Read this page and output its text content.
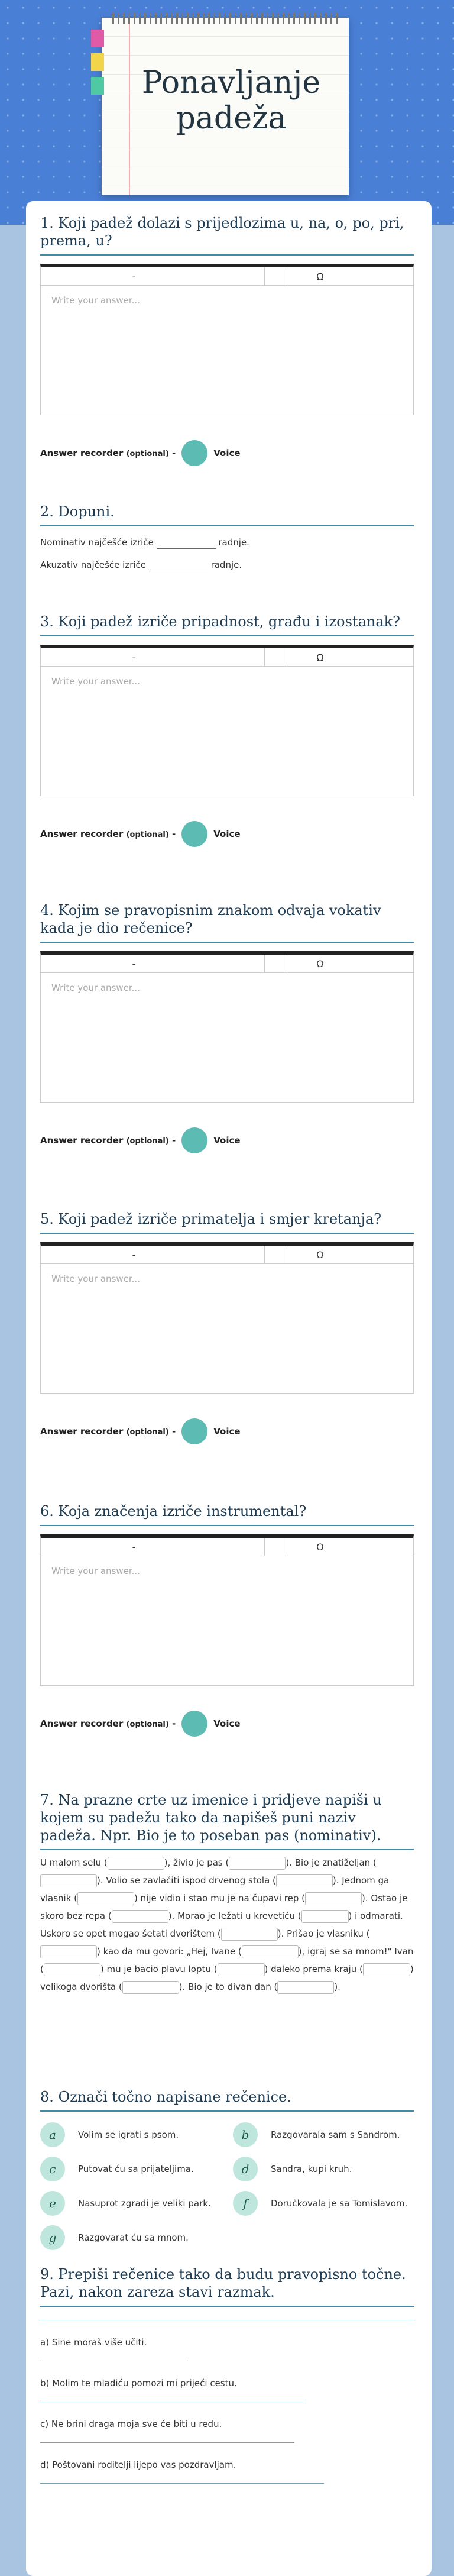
Ponavljanje padeža
1. Koji padež dolazi s prijedlozima u, na, o, po, pri, prema, u?
-	Ω
Write your answer...
Answer recorder (optional) -	Voice
2. Dopuni.
Nominativ najčešće izriče	radnje.
Akuzativ najčešće izriče	radnje.
3. Koji padež izriče pripadnost, građu i izostanak?
-	Ω
Write your answer...
Answer recorder (optional) -	Voice
4. Kojim se pravopisnim znakom odvaja vokativ kada je dio rečenice?
-	Ω
Write your answer...
Answer recorder (optional) -	Voice
5. Koji padež izriče primatelja i smjer kretanja?
-	Ω
Write your answer...
Answer recorder (optional) -	Voice
6. Koja značenja izriče instrumental?
-	Ω
Write your answer...
Answer recorder (optional) -	Voice
7. Na prazne crte uz imenice i pridjeve napiši u kojem su padežu tako da napišeš puni naziv padeža. Npr. Bio je to poseban pas (nominativ).
U malom selu (	), živio je pas (	). Bio je znatiželjan (). Volio se zavlačiti ispod drvenog stola (	). Jednom ga vlasnik (	) nije vidio i stao mu je na čupavi rep (	). Ostao je skoro bez repa (	). Morao je ležati u krevetiću (	) i odmarati. Uskoro se opet mogao šetati dvorištem (	). Prišao je vlasniku () kao da mu govori: „Hej, Ivane (	), igraj se sa mnom!" Ivan (	) mu je bacio plavu loptu (	) daleko prema kraju (	) velikoga dvorišta (	). Bio je to divan dan (	).
8. Označi točno napisane rečenice.
a	Volim se igrati s psom.	b	Razgovarala sam s Sandrom.
c	Putovat ću sa prijateljima.	d	Sandra, kupi kruh.
e	Nasuprot zgradi je veliki park.	f	Doručkovala je sa Tomislavom.
g	Razgovarat ću sa mnom.
9. Prepiši rečenice tako da budu pravopisno točne. Pazi, nakon zareza stavi razmak.
a) Sine moraš više učiti.
b) Molim te mladiću pomozi mi prijeći cestu.
c) Ne brini draga moja sve će biti u redu.
d) Poštovani roditelji lijepo vas pozdravljam.
